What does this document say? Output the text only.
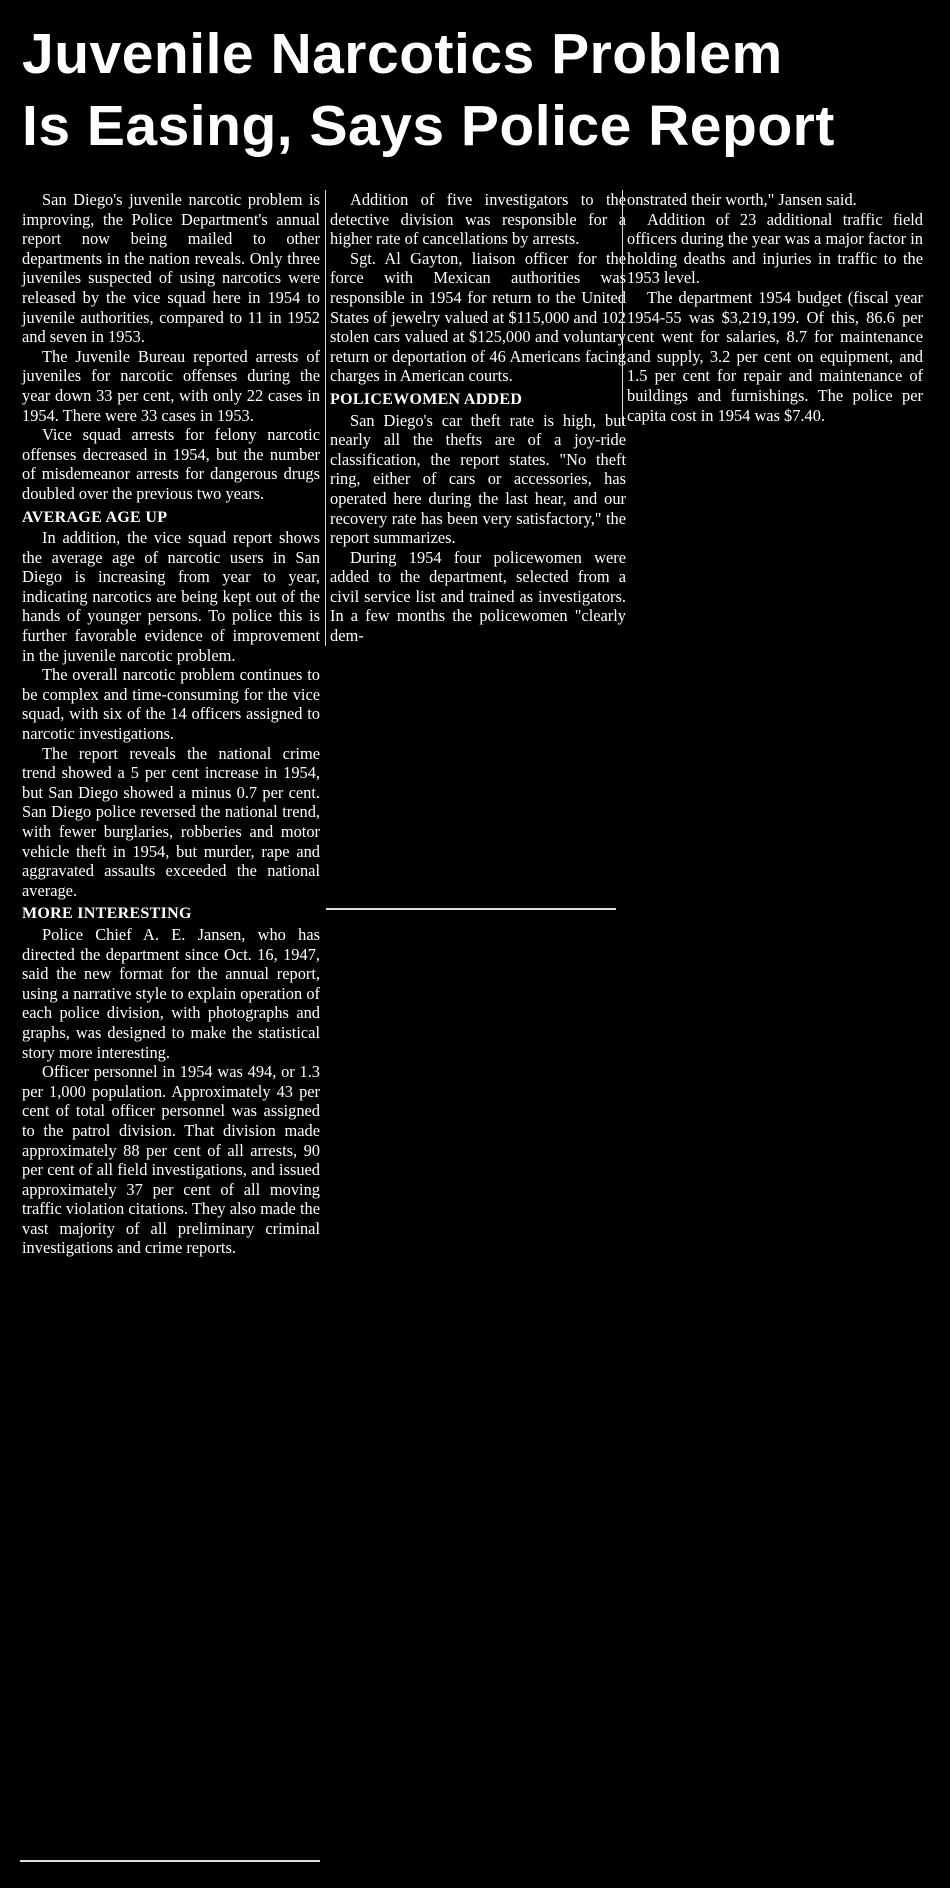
Juvenile Narcotics Problem
Is Easing, Says Police Report

San Diego's juvenile narcotic problem is improving, the Police Department's annual report now being mailed to other departments in the nation reveals. Only three juveniles suspected of using narcotics were released by the vice squad here in 1954 to juvenile authorities, compared to 11 in 1952 and seven in 1953.

The Juvenile Bureau reported arrests of juveniles for narcotic offenses during the year down 33 per cent, with only 22 cases in 1954. There were 33 cases in 1953.

Vice squad arrests for felony narcotic offenses decreased in 1954, but the number of misdemeanor arrests for dangerous drugs doubled over the previous two years.

AVERAGE AGE UP

In addition, the vice squad report shows the average age of narcotic users in San Diego is increasing from year to year, indicating narcotics are being kept out of the hands of younger persons. To police this is further favorable evidence of improvement in the juvenile narcotic problem.

The overall narcotic problem continues to be complex and time-consuming for the vice squad, with six of the 14 officers assigned to narcotic investigations.

The report reveals the national crime trend showed a 5 per cent increase in 1954, but San Diego showed a minus 0.7 per cent. San Diego police reversed the national trend, with fewer burglaries, robberies and motor vehicle theft in 1954, but murder, rape and aggravated assaults exceeded the national average.

MORE INTERESTING

Police Chief A. E. Jansen, who has directed the department since Oct. 16, 1947, said the new format for the annual report, using a narrative style to explain operation of each police division, with photographs and graphs, was designed to make the statistical story more interesting.

Officer personnel in 1954 was 494, or 1.3 per 1,000 population. Approximately 43 per cent of total officer personnel was assigned to the patrol division. That division made approximately 88 per cent of all arrests, 90 per cent of all field investigations, and issued approximately 37 per cent of all moving traffic violation citations. They also made the vast majority of all preliminary criminal investigations and crime reports.

Addition of five investigators to the detective division was responsible for a higher rate of cancellations by arrests.

Sgt. Al Gayton, liaison officer for the force with Mexican authorities was responsible in 1954 for return to the United States of jewelry valued at $115,000 and 102 stolen cars valued at $125,000 and voluntary return or deportation of 46 Americans facing charges in American courts.

POLICEWOMEN ADDED

San Diego's car theft rate is high, but nearly all the thefts are of a joy-ride classification, the report states. "No theft ring, either of cars or accessories, has operated here during the last hear, and our recovery rate has been very satisfactory," the report summarizes.

During 1954 four policewomen were added to the department, selected from a civil service list and trained as investigators. In a few months the policewomen "clearly dem-

onstrated their worth," Jansen said.

Addition of 23 additional traffic field officers during the year was a major factor in holding deaths and injuries in traffic to the 1953 level.

The department 1954 budget (fiscal year 1954-55 was $3,219,199. Of this, 86.6 per cent went for salaries, 8.7 for maintenance and supply, 3.2 per cent on equipment, and 1.5 per cent for repair and maintenance of buildings and furnishings. The police per capita cost in 1954 was $7.40.
